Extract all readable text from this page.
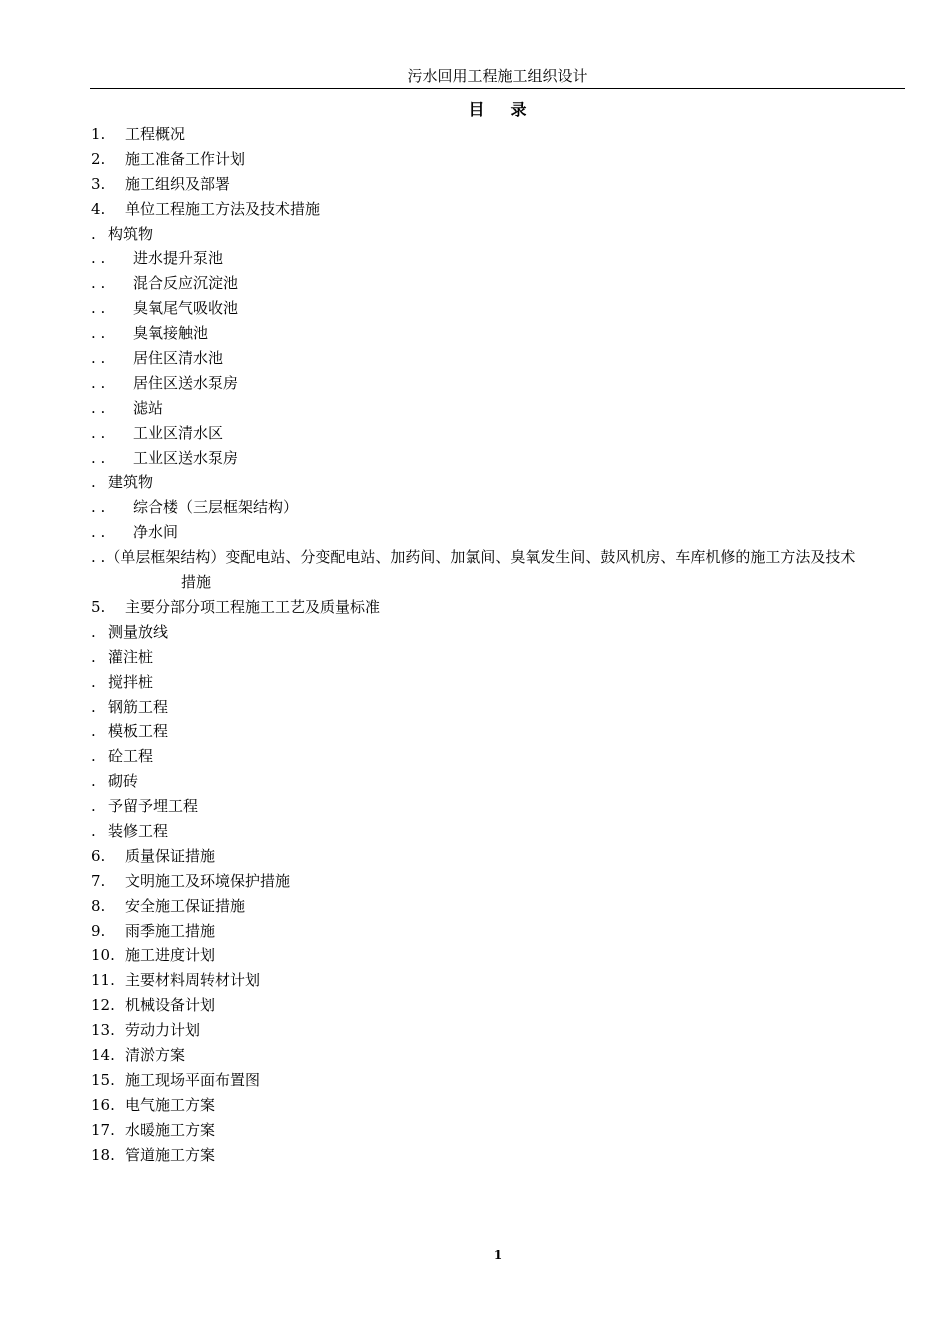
污水回用工程施工组织设计
目 录
1. 工程概况
2. 施工准备工作计划
3. 施工组织及部署
4. 单位工程施工方法及技术措施
. 构筑物
. . 进水提升泵池
. . 混合反应沉淀池
. . 臭氧尾气吸收池
. . 臭氧接触池
. . 居住区清水池
. . 居住区送水泵房
. . 滤站
. . 工业区清水区
. . 工业区送水泵房
. 建筑物
. . 综合楼（三层框架结构）
. . 净水间
. .（单层框架结构）变配电站、分变配电站、加药间、加氯间、臭氧发生间、鼓风机房、车库机修的施工方法及技术
措施
5. 主要分部分项工程施工工艺及质量标准
. 测量放线
. 灌注桩
. 搅拌桩
. 钢筋工程
. 模板工程
. 砼工程
. 砌砖
. 予留予埋工程
. 装修工程
6. 质量保证措施
7. 文明施工及环境保护措施
8. 安全施工保证措施
9. 雨季施工措施
10. 施工进度计划
11. 主要材料周转材计划
12. 机械设备计划
13. 劳动力计划
14. 清淤方案
15. 施工现场平面布置图
16. 电气施工方案
17. 水暖施工方案
18. 管道施工方案
1
